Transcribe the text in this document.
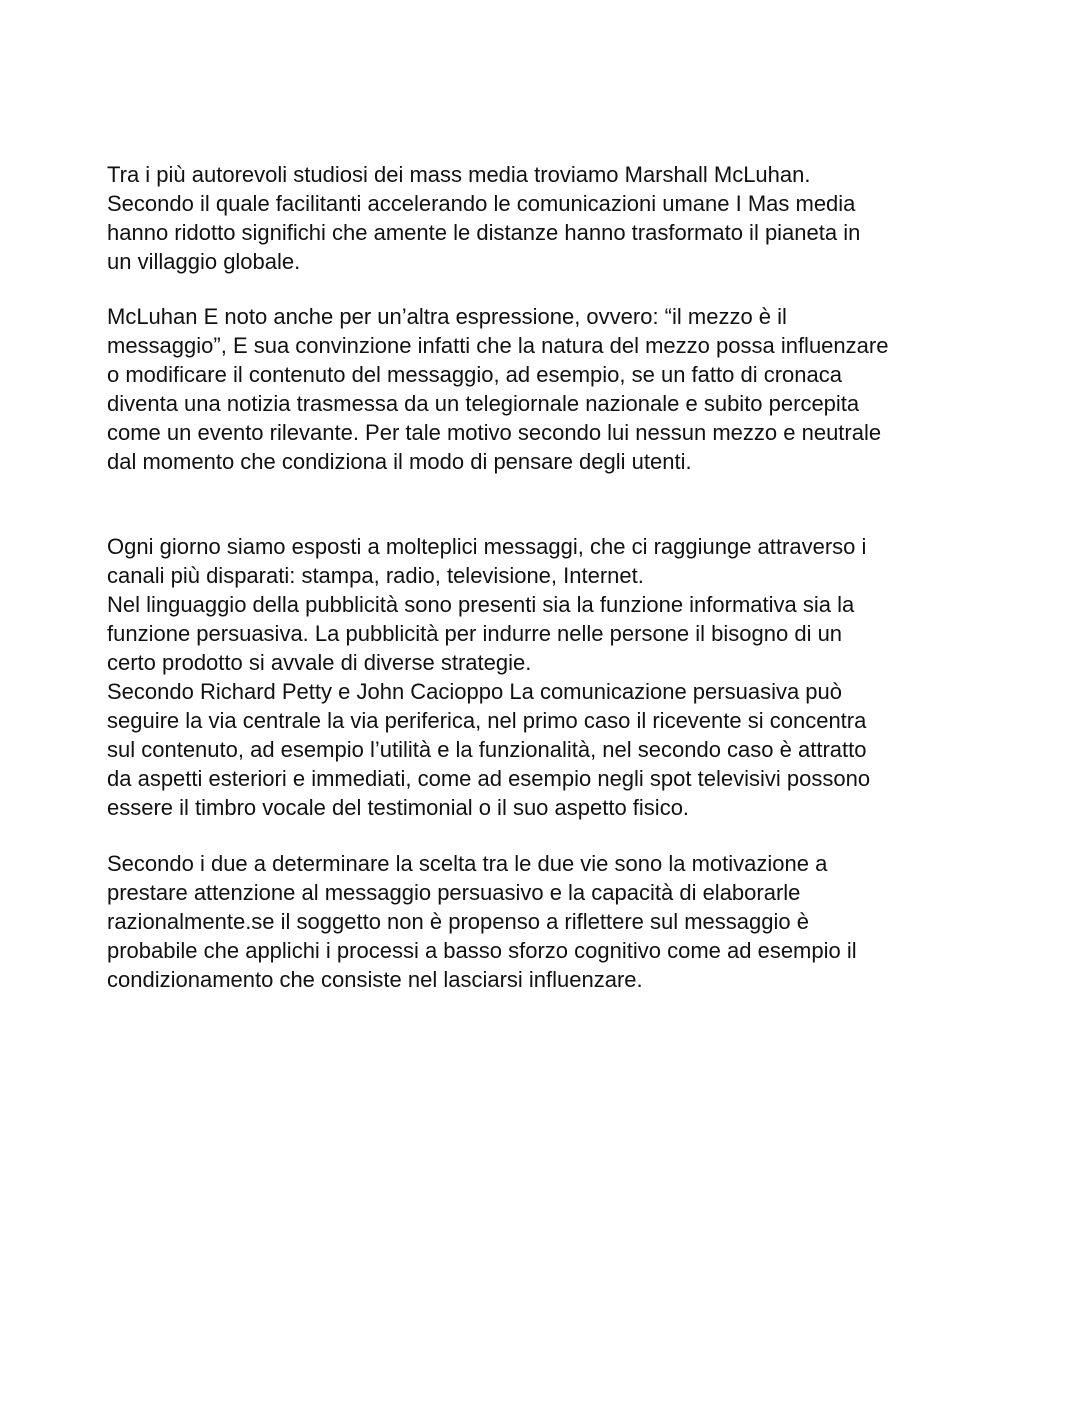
Tra i più autorevoli studiosi dei mass media troviamo Marshall McLuhan.
Secondo il quale facilitanti accelerando le comunicazioni umane I Mas media
hanno ridotto significhi che amente le distanze hanno trasformato il pianeta in
un villaggio globale.
McLuhan E noto anche per un’altra espressione, ovvero: “il mezzo è il
messaggio”, E sua convinzione infatti che la natura del mezzo possa influenzare
o modificare il contenuto del messaggio, ad esempio, se un fatto di cronaca
diventa una notizia trasmessa da un telegiornale nazionale e subito percepita
come un evento rilevante. Per tale motivo secondo lui nessun mezzo e neutrale
dal momento che condiziona il modo di pensare degli utenti.
Ogni giorno siamo esposti a molteplici messaggi, che ci raggiunge attraverso i
canali più disparati: stampa, radio, televisione, Internet.
Nel linguaggio della pubblicità sono presenti sia la funzione informativa sia la
funzione persuasiva. La pubblicità per indurre nelle persone il bisogno di un
certo prodotto si avvale di diverse strategie.
Secondo Richard Petty e John Cacioppo La comunicazione persuasiva può
seguire la via centrale la via periferica, nel primo caso il ricevente si concentra
sul contenuto, ad esempio l’utilità e la funzionalità, nel secondo caso è attratto
da aspetti esteriori e immediati, come ad esempio negli spot televisivi possono
essere il timbro vocale del testimonial o il suo aspetto fisico.
Secondo i due a determinare la scelta tra le due vie sono la motivazione a
prestare attenzione al messaggio persuasivo e la capacità di elaborarle
razionalmente.se il soggetto non è propenso a riflettere sul messaggio è
probabile che applichi i processi a basso sforzo cognitivo come ad esempio il
condizionamento che consiste nel lasciarsi influenzare.
